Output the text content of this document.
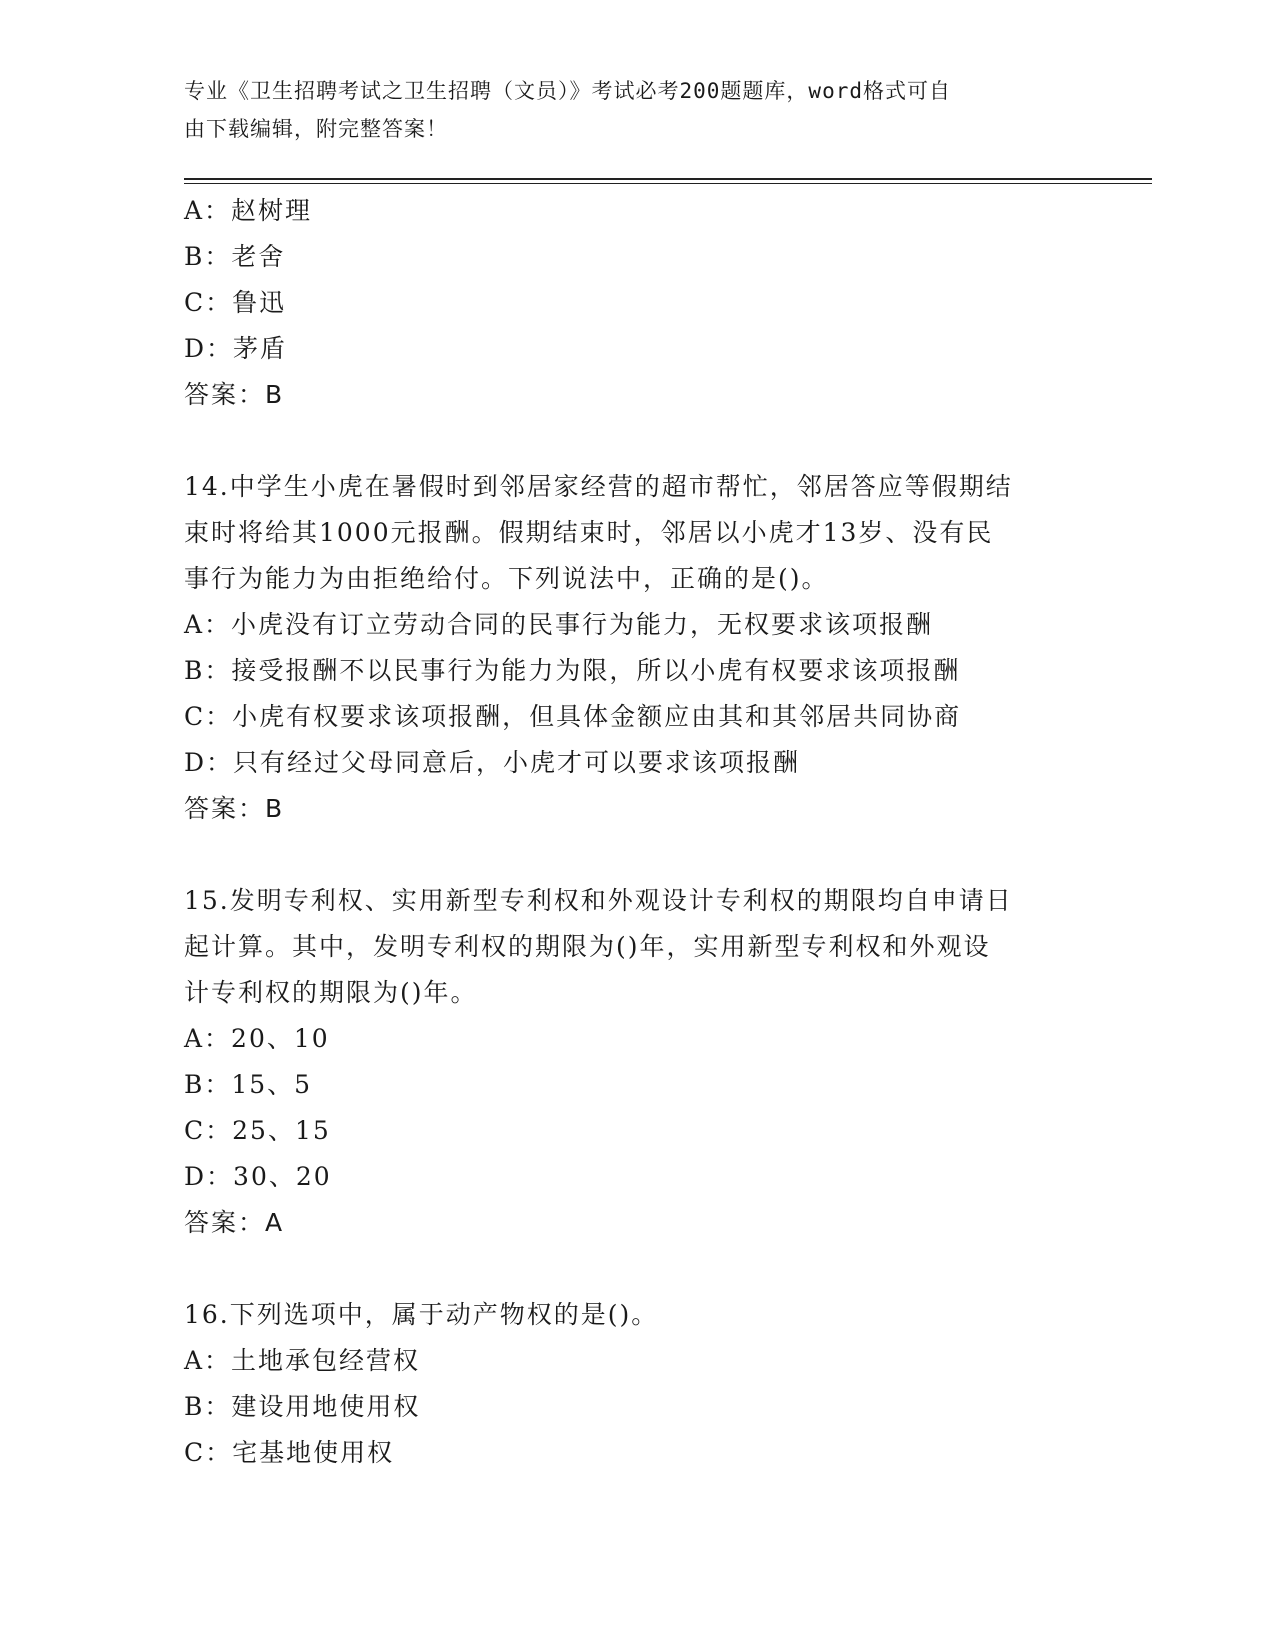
专业《卫生招聘考试之卫生招聘（文员）》考试必考200题题库，word格式可自
由下载编辑，附完整答案！
A：赵树理
B：老舍
C：鲁迅
D：茅盾
答案：B
14.中学生小虎在暑假时到邻居家经营的超市帮忙，邻居答应等假期结
束时将给其1000元报酬。假期结束时，邻居以小虎才13岁、没有民
事行为能力为由拒绝给付。下列说法中，正确的是()。
A：小虎没有订立劳动合同的民事行为能力，无权要求该项报酬
B：接受报酬不以民事行为能力为限，所以小虎有权要求该项报酬
C：小虎有权要求该项报酬，但具体金额应由其和其邻居共同协商
D：只有经过父母同意后，小虎才可以要求该项报酬
答案：B
15.发明专利权、实用新型专利权和外观设计专利权的期限均自申请日
起计算。其中，发明专利权的期限为()年，实用新型专利权和外观设
计专利权的期限为()年。
A：20、10
B：15、5
C：25、15
D：30、20
答案：A
16.下列选项中，属于动产物权的是()。
A：土地承包经营权
B：建设用地使用权
C：宅基地使用权
